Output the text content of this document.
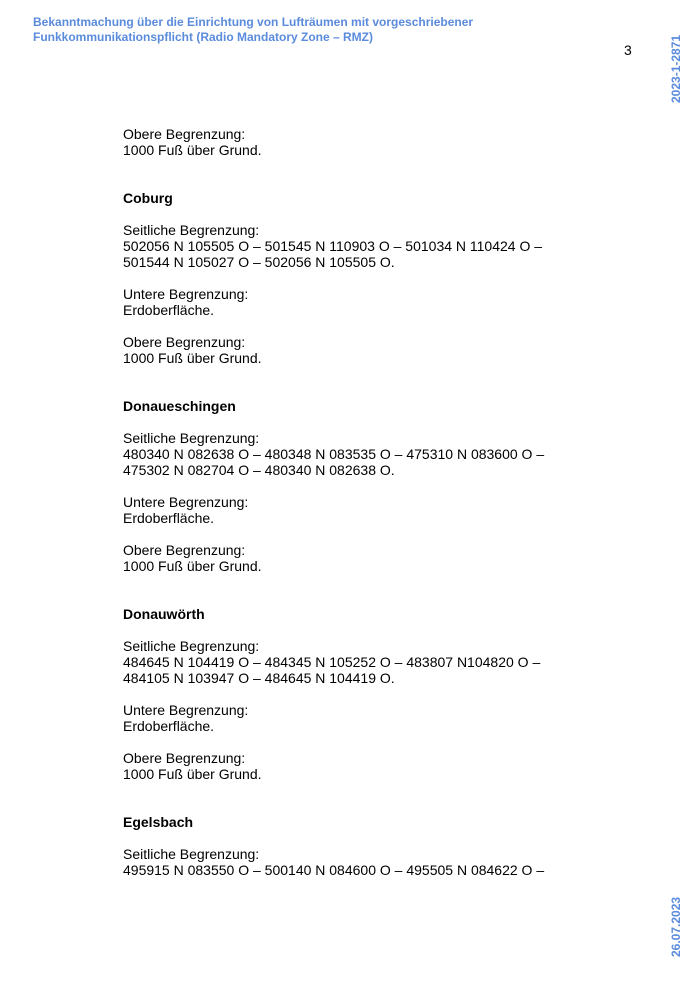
Bekanntmachung über die Einrichtung von Lufträumen mit vorgeschriebener Funkkommunikationspflicht (Radio Mandatory Zone – RMZ)
3	2023-1-2871
26.07.2023

Obere Begrenzung:

1000 Fuß über Grund.

Coburg

Seitliche Begrenzung:

502056 N 105505 O – 501545 N 110903 O – 501034 N 110424 O –

501544 N 105027 O – 502056 N 105505 O.

Untere Begrenzung:

Erdoberfläche.

Obere Begrenzung:

1000 Fuß über Grund.

Donaueschingen

Seitliche Begrenzung:

480340 N 082638 O – 480348 N 083535 O – 475310 N 083600 O –

475302 N 082704 O – 480340 N 082638 O.

Untere Begrenzung:

Erdoberfläche.

Obere Begrenzung:

1000 Fuß über Grund.

Donauwörth

Seitliche Begrenzung:

484645 N 104419 O – 484345 N 105252 O – 483807 N104820 O –

484105 N 103947 O – 484645 N 104419 O.

Untere Begrenzung:

Erdoberfläche.

Obere Begrenzung:

1000 Fuß über Grund.

Egelsbach

Seitliche Begrenzung:

495915 N 083550 O – 500140 N 084600 O – 495505 N 084622 O –
